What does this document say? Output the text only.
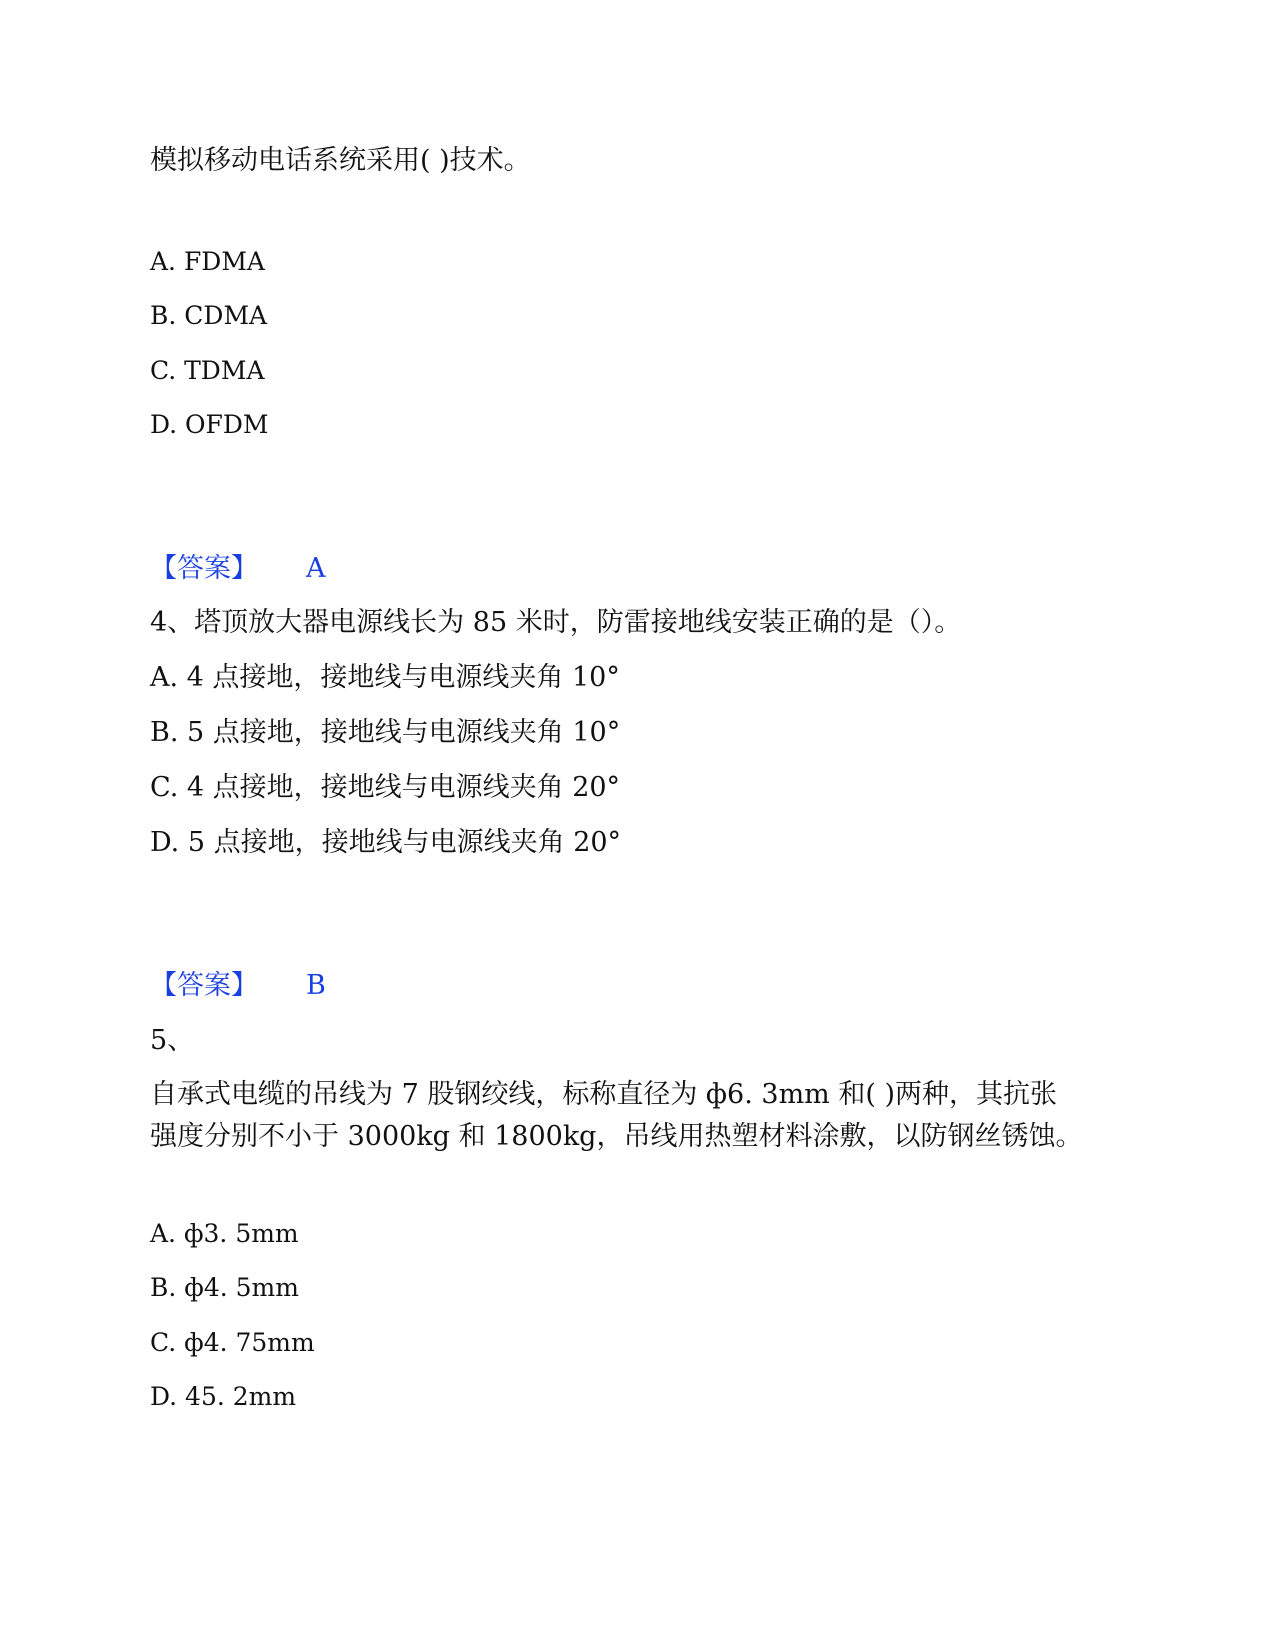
模拟移动电话系统采用( )技术。
A. FDMA
B. CDMA
C. TDMA
D. OFDM
【答案】 A
4、塔顶放大器电源线长为 85 米时，防雷接地线安装正确的是（）。
A. 4 点接地，接地线与电源线夹角 10°
B. 5 点接地，接地线与电源线夹角 10°
C. 4 点接地，接地线与电源线夹角 20°
D. 5 点接地，接地线与电源线夹角 20°
【答案】 B
5、
自承式电缆的吊线为 7 股钢绞线，标称直径为 ф6. 3mm 和( )两种，其抗张
强度分别不小于 3000kg 和 1800kg，吊线用热塑材料涂敷，以防钢丝锈蚀。
A. ф3. 5mm
B. ф4. 5mm
C. ф4. 75mm
D. 45. 2mm
